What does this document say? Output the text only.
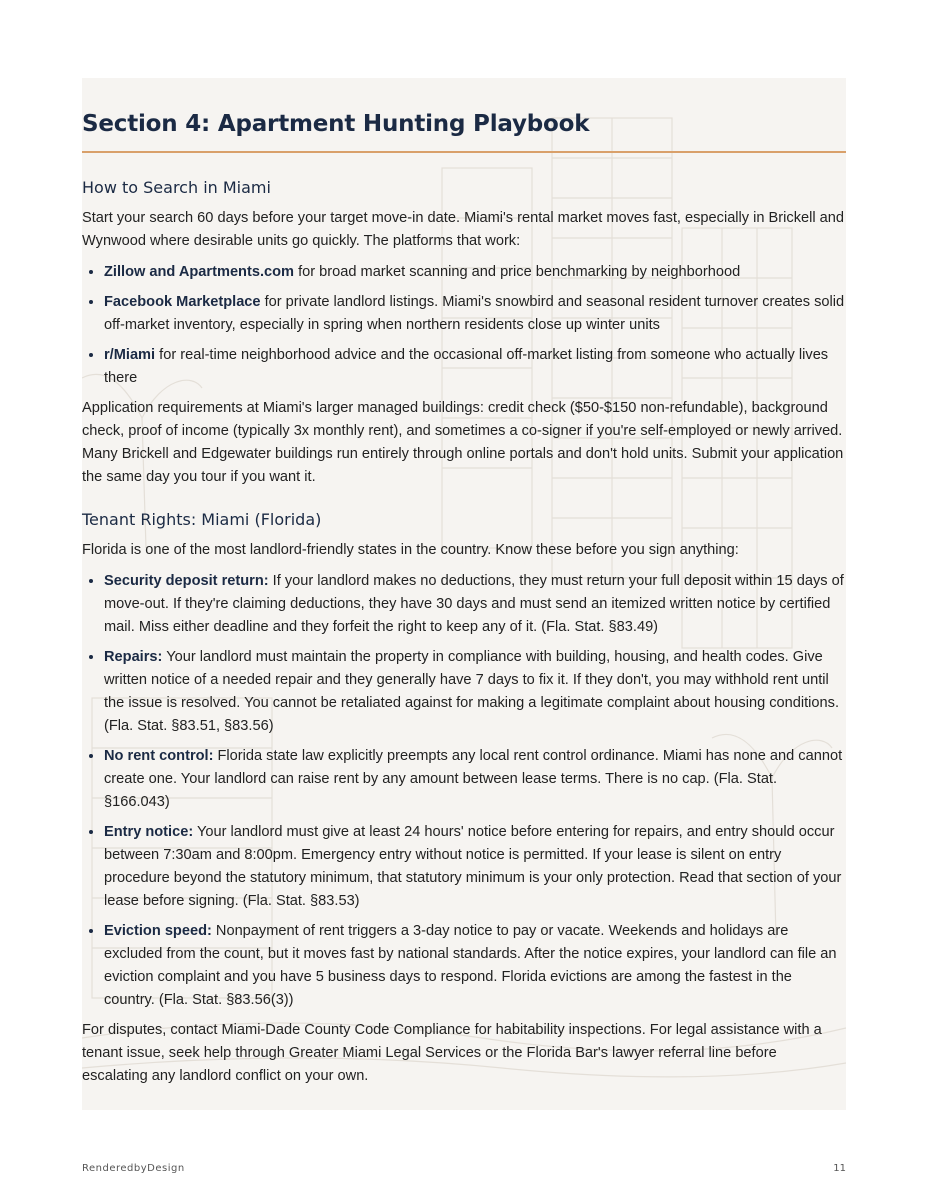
Section 4: Apartment Hunting Playbook
How to Search in Miami

Start your search 60 days before your target move-in date. Miami's rental market moves fast, especially in Brickell and Wynwood where desirable units go quickly. The platforms that work:

• Zillow and Apartments.com for broad market scanning and price benchmarking by neighborhood
• Facebook Marketplace for private landlord listings. Miami's snowbird and seasonal resident turnover creates solid off-market inventory, especially in spring when northern residents close up winter units
• r/Miami for real-time neighborhood advice and the occasional off-market listing from someone who actually lives there

Application requirements at Miami's larger managed buildings: credit check ($50-$150 non-refundable), background check, proof of income (typically 3x monthly rent), and sometimes a co-signer if you're self-employed or newly arrived. Many Brickell and Edgewater buildings run entirely through online portals and don't hold units. Submit your application the same day you tour if you want it.

Tenant Rights: Miami (Florida)

Florida is one of the most landlord-friendly states in the country. Know these before you sign anything:

• Security deposit return: If your landlord makes no deductions, they must return your full deposit within 15 days of move-out. If they're claiming deductions, they have 30 days and must send an itemized written notice by certified mail. Miss either deadline and they forfeit the right to keep any of it. (Fla. Stat. §83.49)
• Repairs: Your landlord must maintain the property in compliance with building, housing, and health codes. Give written notice of a needed repair and they generally have 7 days to fix it. If they don't, you may withhold rent until the issue is resolved. You cannot be retaliated against for making a legitimate complaint about housing conditions. (Fla. Stat. §83.51, §83.56)
• No rent control: Florida state law explicitly preempts any local rent control ordinance. Miami has none and cannot create one. Your landlord can raise rent by any amount between lease terms. There is no cap. (Fla. Stat. §166.043)
• Entry notice: Your landlord must give at least 24 hours' notice before entering for repairs, and entry should occur between 7:30am and 8:00pm. Emergency entry without notice is permitted. If your lease is silent on entry procedure beyond the statutory minimum, that statutory minimum is your only protection. Read that section of your lease before signing. (Fla. Stat. §83.53)
• Eviction speed: Nonpayment of rent triggers a 3-day notice to pay or vacate. Weekends and holidays are excluded from the count, but it moves fast by national standards. After the notice expires, your landlord can file an eviction complaint and you have 5 business days to respond. Florida evictions are among the fastest in the country. (Fla. Stat. §83.56(3))

For disputes, contact Miami-Dade County Code Compliance for habitability inspections. For legal assistance with a tenant issue, seek help through Greater Miami Legal Services or the Florida Bar's lawyer referral line before escalating any landlord conflict on your own.

RenderedbyDesign	11
